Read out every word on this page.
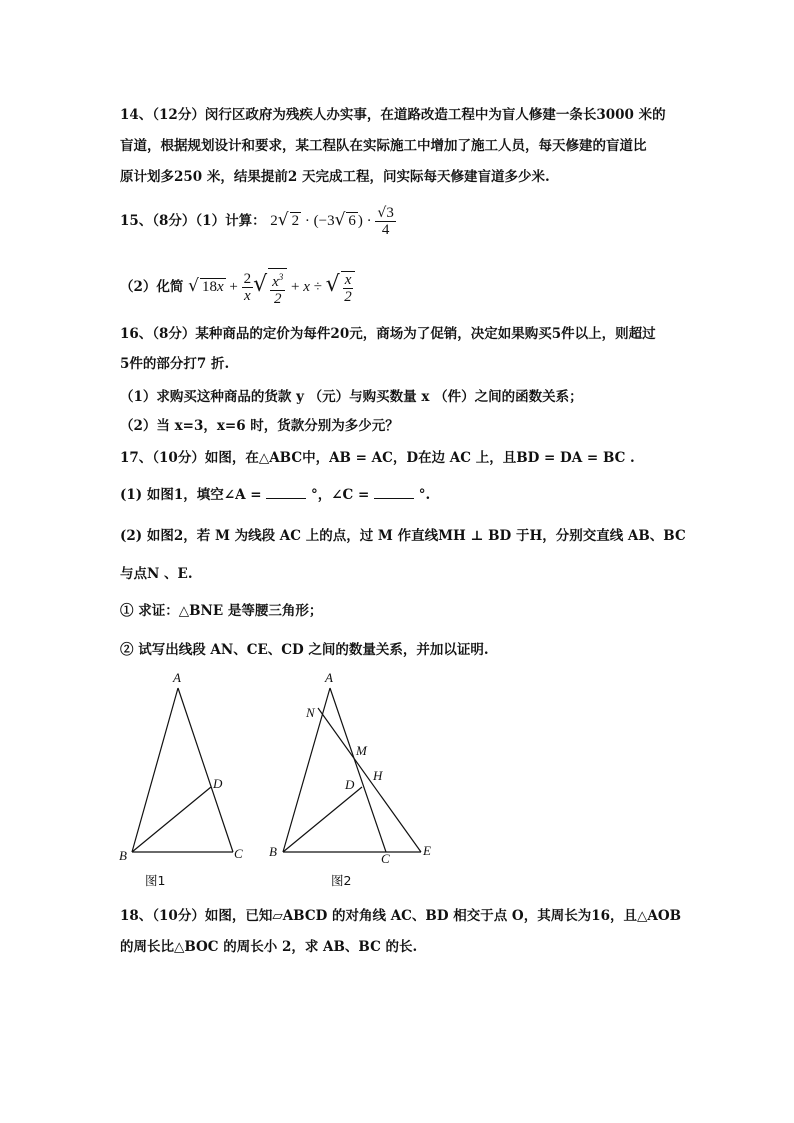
14、（12分）闵行区政府为残疾人办实事，在道路改造工程中为盲人修建一条长3000 米的
盲道，根据规划设计和要求，某工程队在实际施工中增加了施工人员，每天修建的盲道比
原计划多250 米，结果提前2 天完成工程，问实际每天修建盲道多少米.
15、（8分）（1）计算： 2√ 2 · (−3√ 6 ) · $\frac{√3}{4}$
（2）化简 √ $18x + \frac{2}{x}$ √ $\frac{x^3}{2} + x$ ÷ √ $\frac{x}{2}$
16、（8分）某种商品的定价为每件20元，商场为了促销，决定如果购买5件以上，则超过
5件的部分打7 折.
（1）求购买这种商品的货款 y （元）与购买数量 x （件）之间的函数关系；
（2）当 x=3，x=6 时，货款分别为多少元？
17、（10分）如图，在△ABC中，AB = AC，D在边 AC 上，且BD = DA = BC .
(1) 如图1，填空∠A =	°，∠C =	°.
(2) 如图2，若 M 为线段 AC 上的点，过 M 作直线MH ⊥ BD 于H，分别交直线 AB、BC
与点N 、E.
① 求证：△BNE 是等腰三角形；
② 试写出线段 AN、CE、CD 之间的数量关系，并加以证明.
A
B	C
D
图1
A
N
M
D
H
B	C
E
图2
18、（10分）如图，已知▱ABCD 的对角线 AC、BD 相交于点 O，其周长为16，且△AOB
的周长比△BOC 的周长小 2，求 AB、BC 的长.
